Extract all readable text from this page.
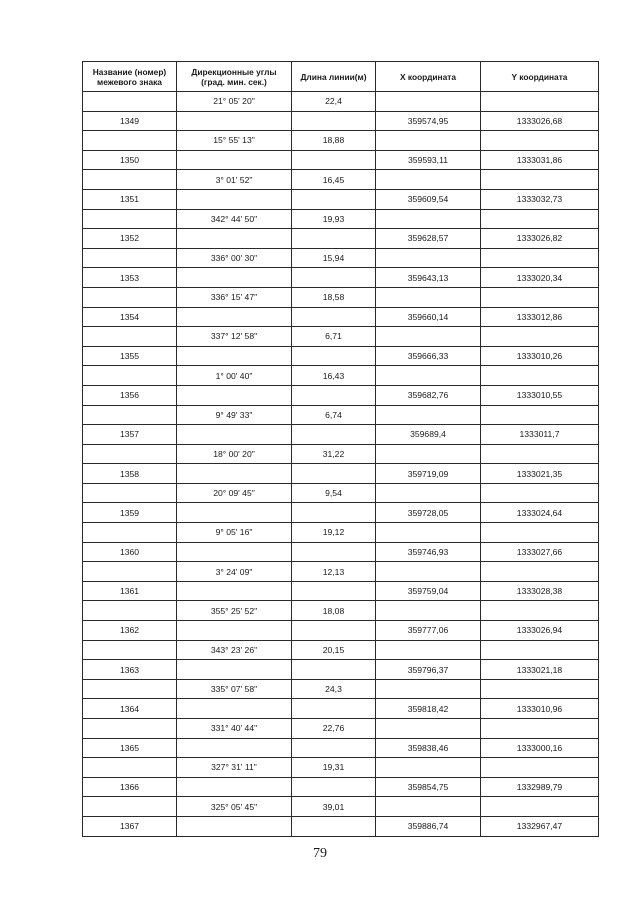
Название (номер)
межевого знака	Дирекционные углы
(град. мин. сек.)	Длина линии(м)	X координата	Y координата
	21° 05' 20"	22,4		
1349			359574,95	1333026,68
	15° 55' 13"	18,88		
1350			359593,11	1333031,86
	3° 01' 52"	16,45		
1351			359609,54	1333032,73
	342° 44' 50"	19,93		
1352			359628,57	1333026,82
	336° 00' 30"	15,94		
1353			359643,13	1333020,34
	336° 15' 47"	18,58		
1354			359660,14	1333012,86
	337° 12' 58"	6,71		
1355			359666,33	1333010,26
	1° 00' 40"	16,43		
1356			359682,76	1333010,55
	9° 49' 33"	6,74		
1357			359689,4	1333011,7
	18° 00' 20"	31,22		
1358			359719,09	1333021,35
	20° 09' 45"	9,54		
1359			359728,05	1333024,64
	9° 05' 16"	19,12		
1360			359746,93	1333027,66
	3° 24' 09"	12,13		
1361			359759,04	1333028,38
	355° 25' 52"	18,08		
1362			359777,06	1333026,94
	343° 23' 26"	20,15		
1363			359796,37	1333021,18
	335° 07' 58"	24,3		
1364			359818,42	1333010,96
	331° 40' 44"	22,76		
1365			359838,46	1333000,16
	327° 31' 11"	19,31		
1366			359854,75	1332989,79
	325° 05' 45"	39,01		
1367			359886,74	1332967,47
79
